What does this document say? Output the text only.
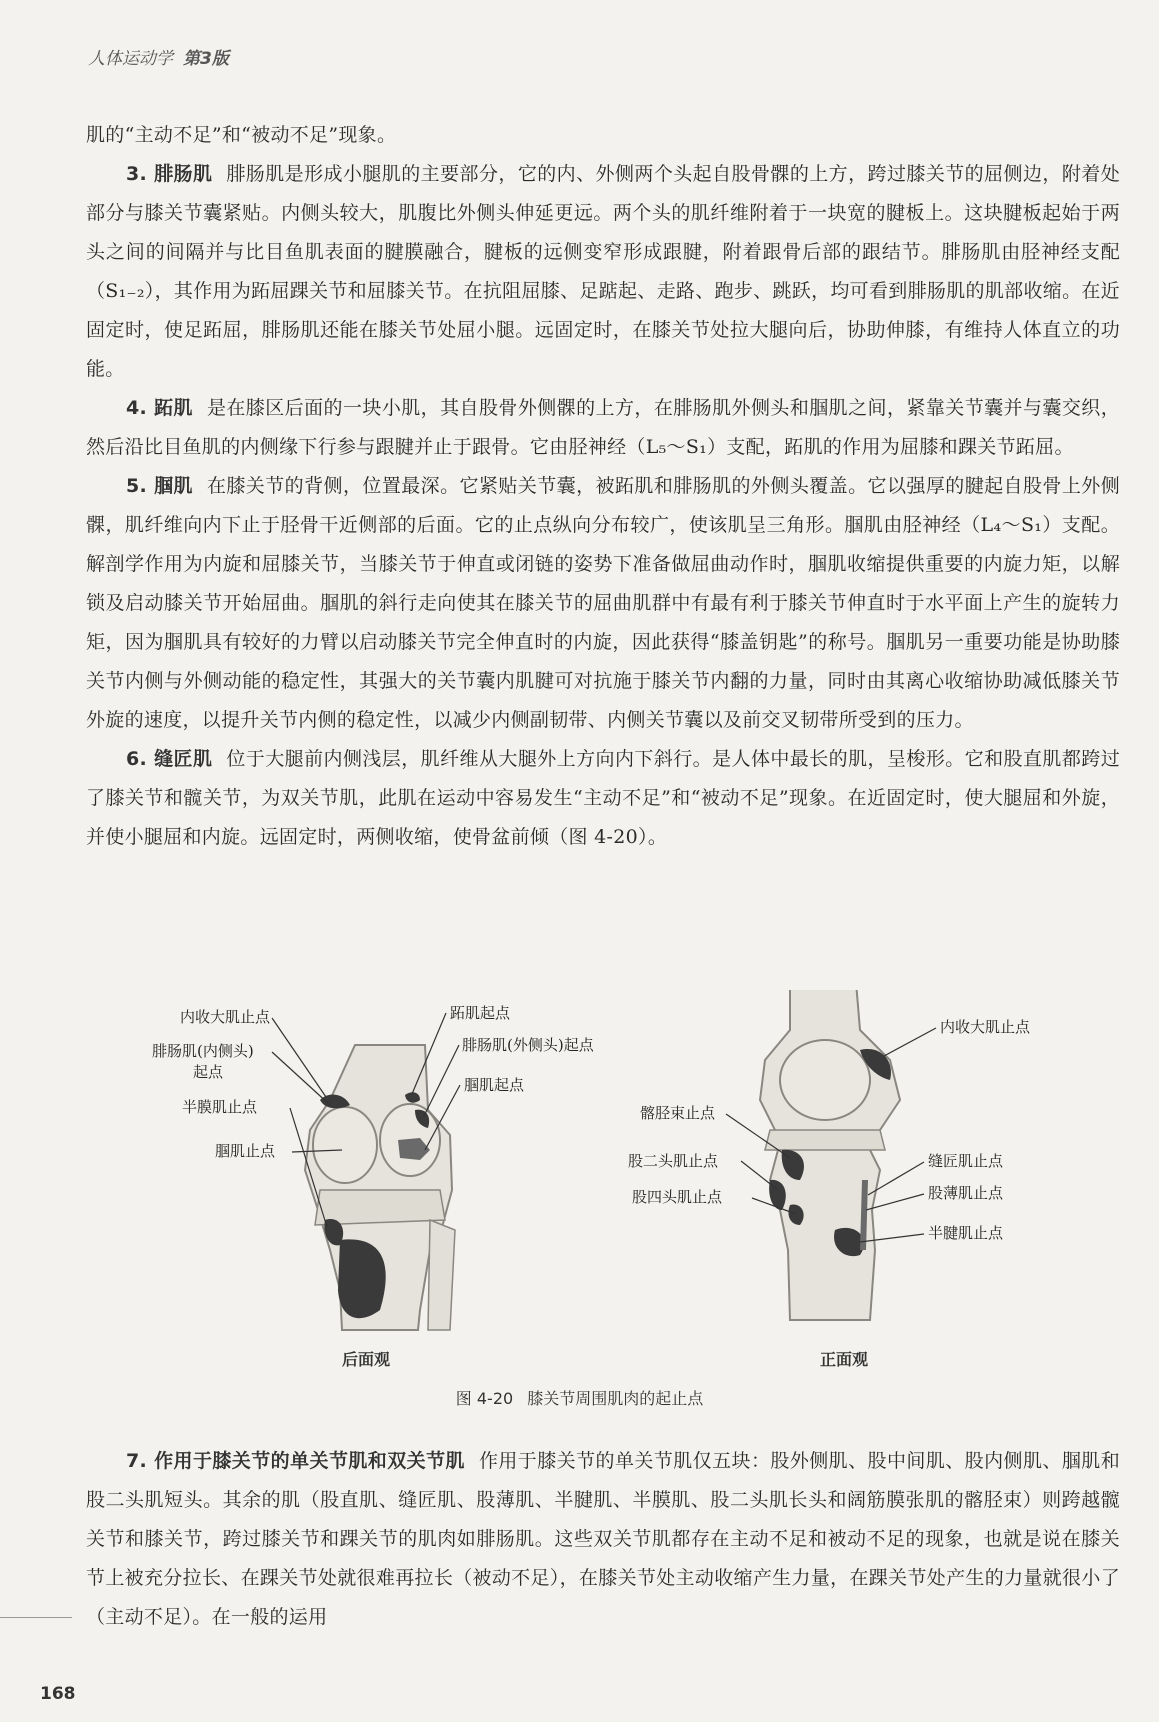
人体运动学 第3版

肌的“主动不足”和“被动不足”现象。

3. 腓肠肌 腓肠肌是形成小腿肌的主要部分，它的内、外侧两个头起自股骨髁的上方，跨过膝关节的屈侧边，附着处部分与膝关节囊紧贴。内侧头较大，肌腹比外侧头伸延更远。两个头的肌纤维附着于一块宽的腱板上。这块腱板起始于两头之间的间隔并与比目鱼肌表面的腱膜融合，腱板的远侧变窄形成跟腱，附着跟骨后部的跟结节。腓肠肌由胫神经支配（S₁₋₂），其作用为跖屈踝关节和屈膝关节。在抗阻屈膝、足踮起、走路、跑步、跳跃，均可看到腓肠肌的肌部收缩。在近固定时，使足跖屈，腓肠肌还能在膝关节处屈小腿。远固定时，在膝关节处拉大腿向后，协助伸膝，有维持人体直立的功能。

4. 跖肌 是在膝区后面的一块小肌，其自股骨外侧髁的上方，在腓肠肌外侧头和腘肌之间，紧靠关节囊并与囊交织，然后沿比目鱼肌的内侧缘下行参与跟腱并止于跟骨。它由胫神经（L₅～S₁）支配，跖肌的作用为屈膝和踝关节跖屈。

5. 腘肌 在膝关节的背侧，位置最深。它紧贴关节囊，被跖肌和腓肠肌的外侧头覆盖。它以强厚的腱起自股骨上外侧髁，肌纤维向内下止于胫骨干近侧部的后面。它的止点纵向分布较广，使该肌呈三角形。腘肌由胫神经（L₄～S₁）支配。解剖学作用为内旋和屈膝关节，当膝关节于伸直或闭链的姿势下准备做屈曲动作时，腘肌收缩提供重要的内旋力矩，以解锁及启动膝关节开始屈曲。腘肌的斜行走向使其在膝关节的屈曲肌群中有最有利于膝关节伸直时于水平面上产生的旋转力矩，因为腘肌具有较好的力臂以启动膝关节完全伸直时的内旋，因此获得“膝盖钥匙”的称号。腘肌另一重要功能是协助膝关节内侧与外侧动能的稳定性，其强大的关节囊内肌腱可对抗施于膝关节内翻的力量，同时由其离心收缩协助减低膝关节外旋的速度，以提升关节内侧的稳定性，以减少内侧副韧带、内侧关节囊以及前交叉韧带所受到的压力。

6. 缝匠肌 位于大腿前内侧浅层，肌纤维从大腿外上方向内下斜行。是人体中最长的肌，呈梭形。它和股直肌都跨过了膝关节和髋关节，为双关节肌，此肌在运动中容易发生“主动不足”和“被动不足”现象。在近固定时，使大腿屈和外旋，并使小腿屈和内旋。远固定时，两侧收缩，使骨盆前倾（图 4-20）。

内收大肌止点
腓肠肌(内侧头)
起点
半膜肌止点
腘肌止点
跖肌起点
腓肠肌(外侧头)起点
腘肌起点
内收大肌止点
髂胫束止点
股二头肌止点
股四头肌止点
缝匠肌止点
股薄肌止点
半腱肌止点
后面观	正面观
图 4-20 膝关节周围肌肉的起止点

7. 作用于膝关节的单关节肌和双关节肌 作用于膝关节的单关节肌仅五块：股外侧肌、股中间肌、股内侧肌、腘肌和股二头肌短头。其余的肌（股直肌、缝匠肌、股薄肌、半腱肌、半膜肌、股二头肌长头和阔筋膜张肌的髂胫束）则跨越髋关节和膝关节，跨过膝关节和踝关节的肌肉如腓肠肌。这些双关节肌都存在主动不足和被动不足的现象，也就是说在膝关节上被充分拉长、在踝关节处就很难再拉长（被动不足），在膝关节处主动收缩产生力量，在踝关节处产生的力量就很小了（主动不足）。在一般的运用

168
